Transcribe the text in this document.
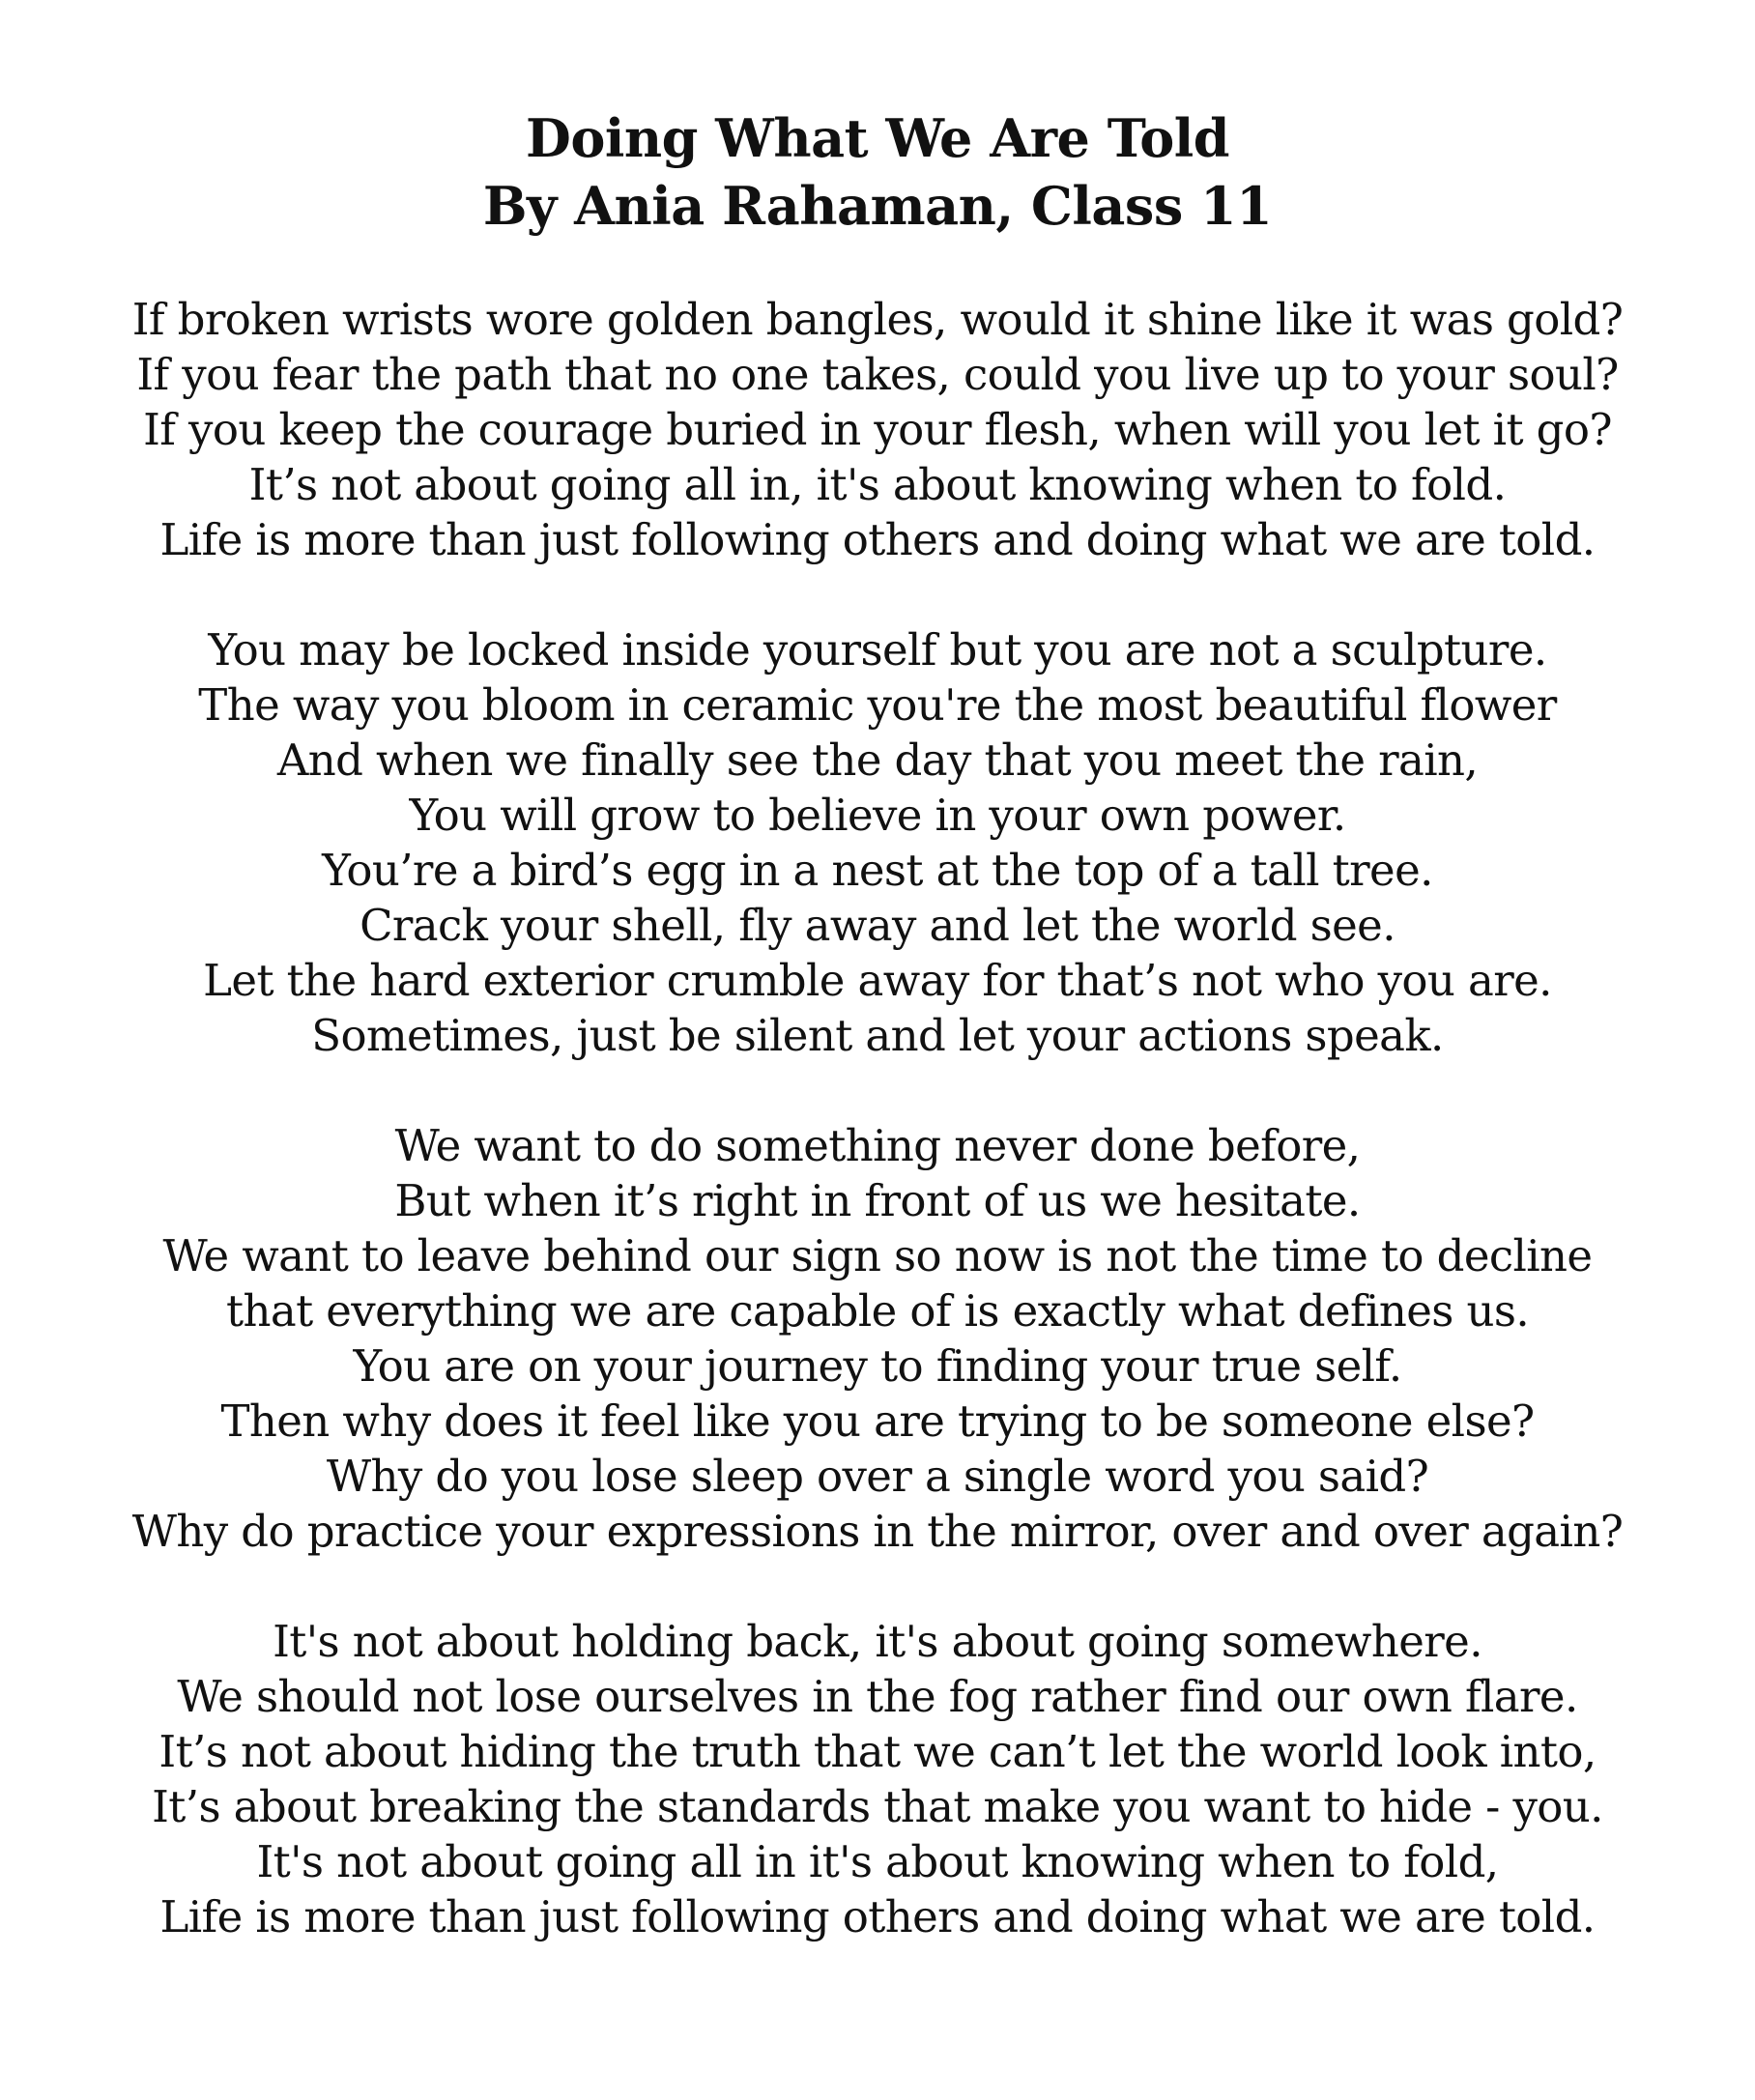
Doing What We Are Told
By Ania Rahaman, Class 11
If broken wrists wore golden bangles, would it shine like it was gold?
If you fear the path that no one takes, could you live up to your soul?
If you keep the courage buried in your flesh, when will you let it go?
It’s not about going all in, it's about knowing when to fold.
Life is more than just following others and doing what we are told.
You may be locked inside yourself but you are not a sculpture.
The way you bloom in ceramic you're the most beautiful flower
And when we finally see the day that you meet the rain,
You will grow to believe in your own power.
You’re a bird’s egg in a nest at the top of a tall tree.
Crack your shell, fly away and let the world see.
Let the hard exterior crumble away for that’s not who you are.
Sometimes, just be silent and let your actions speak.
We want to do something never done before,
But when it’s right in front of us we hesitate.
We want to leave behind our sign so now is not the time to decline
that everything we are capable of is exactly what defines us.
You are on your journey to finding your true self.
Then why does it feel like you are trying to be someone else?
Why do you lose sleep over a single word you said?
Why do practice your expressions in the mirror, over and over again?
It's not about holding back, it's about going somewhere.
We should not lose ourselves in the fog rather find our own flare.
It’s not about hiding the truth that we can’t let the world look into,
It’s about breaking the standards that make you want to hide - you.
It's not about going all in it's about knowing when to fold,
Life is more than just following others and doing what we are told.
